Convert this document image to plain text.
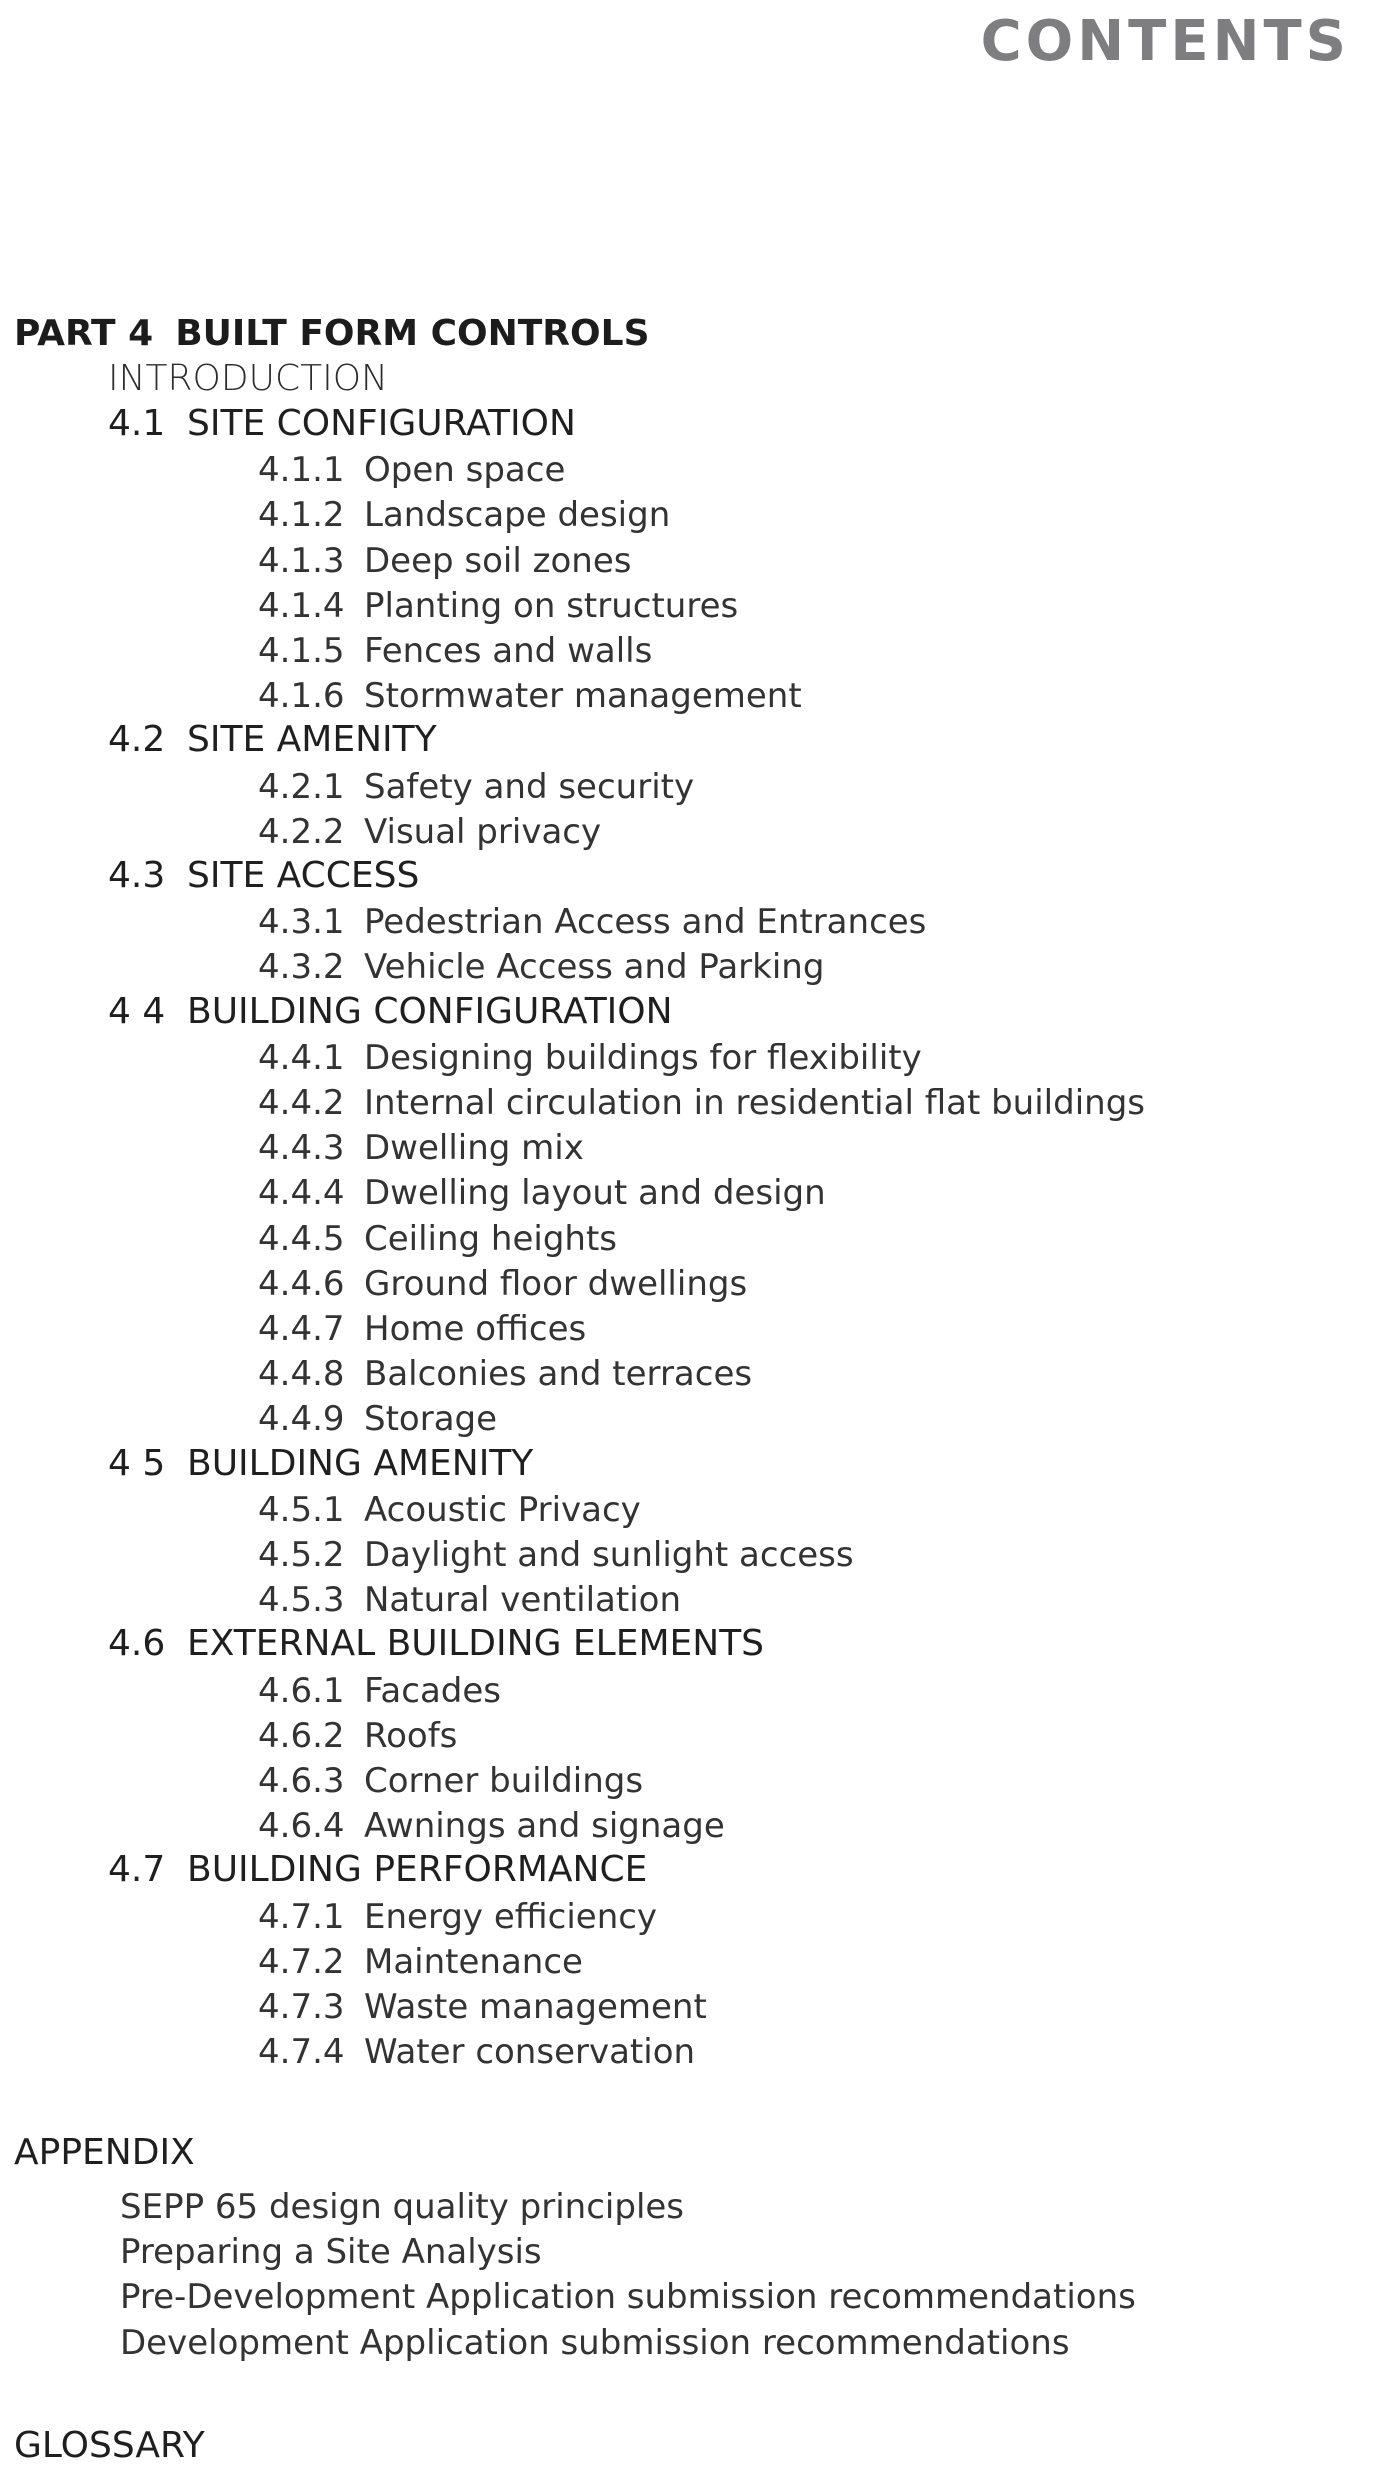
CONTENTS
PART 4 BUILT FORM CONTROLS
INTRODUCTION
4.1 SITE CONFIGURATION
4.1.1 Open space
4.1.2 Landscape design
4.1.3 Deep soil zones
4.1.4 Planting on structures
4.1.5 Fences and walls
4.1.6 Stormwater management
4.2 SITE AMENITY
4.2.1 Safety and security
4.2.2 Visual privacy
4.3 SITE ACCESS
4.3.1 Pedestrian Access and Entrances
4.3.2 Vehicle Access and Parking
4 4 BUILDING CONFIGURATION
4.4.1 Designing buildings for flexibility
4.4.2 Internal circulation in residential flat buildings
4.4.3 Dwelling mix
4.4.4 Dwelling layout and design
4.4.5 Ceiling heights
4.4.6 Ground floor dwellings
4.4.7 Home offices
4.4.8 Balconies and terraces
4.4.9 Storage
4 5 BUILDING AMENITY
4.5.1 Acoustic Privacy
4.5.2 Daylight and sunlight access
4.5.3 Natural ventilation
4.6 EXTERNAL BUILDING ELEMENTS
4.6.1 Facades
4.6.2 Roofs
4.6.3 Corner buildings
4.6.4 Awnings and signage
4.7 BUILDING PERFORMANCE
4.7.1 Energy efficiency
4.7.2 Maintenance
4.7.3 Waste management
4.7.4 Water conservation
APPENDIX
SEPP 65 design quality principles
Preparing a Site Analysis
Pre-Development Application submission recommendations
Development Application submission recommendations
GLOSSARY
